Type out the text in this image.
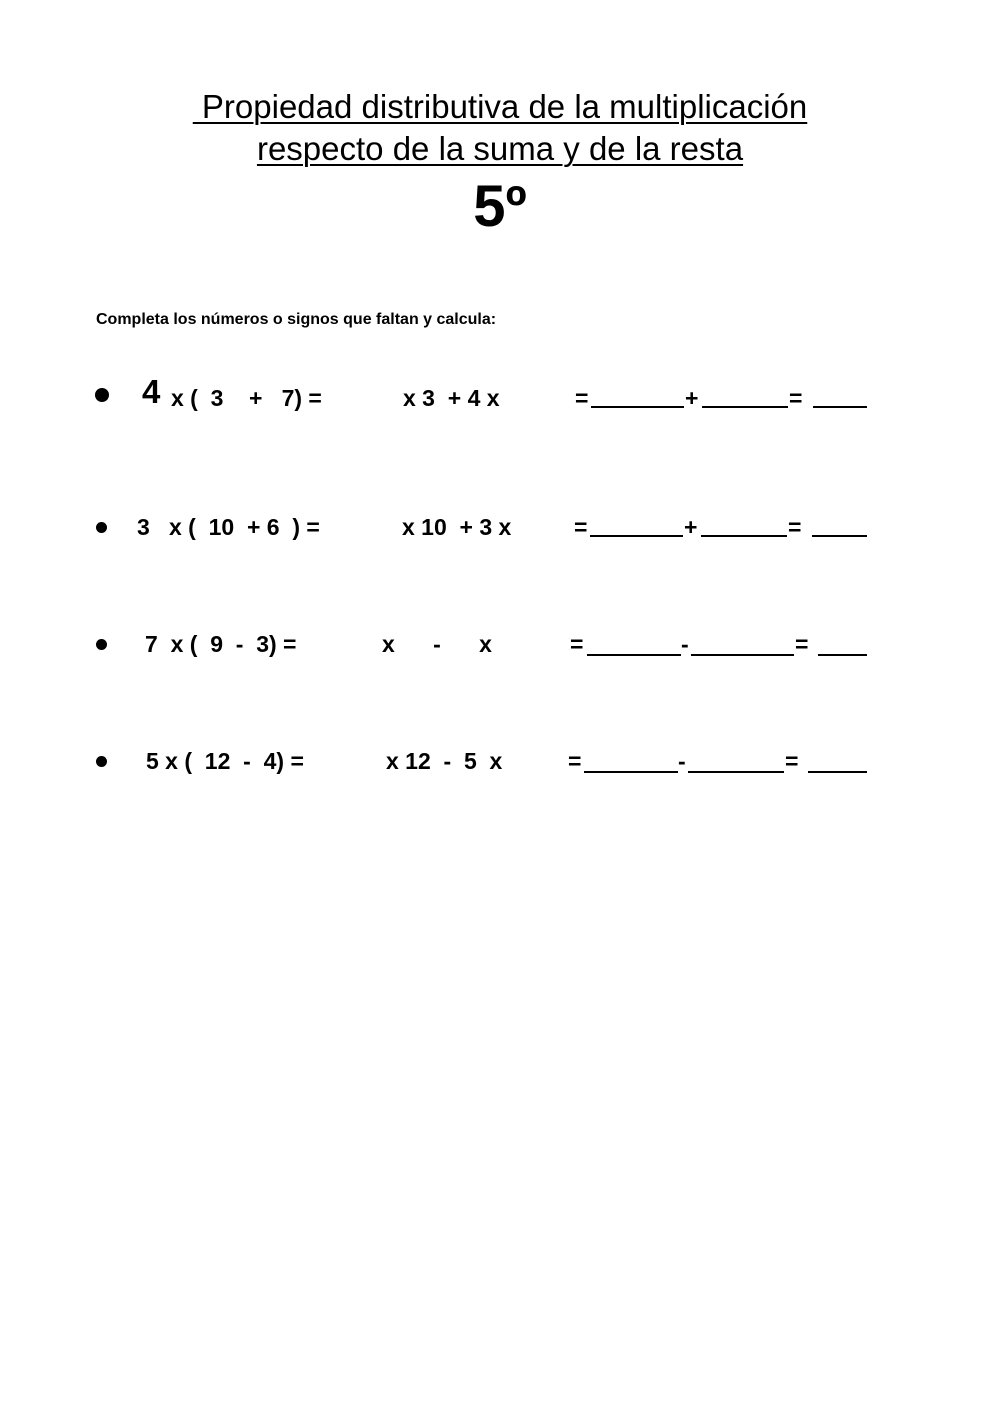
Propiedad distributiva de la multiplicación
respecto de la suma y de la resta
5º
Completa los números o signos que faltan y calcula:
4 x (  3    +   7) =	x 3  + 4 x	=	+	=
3   x (  10  + 6  ) =	x 10  + 3 x	=	+	=
7  x (  9  -  3) =	x      -      x	=	-	=
5 x (  12  -  4) =	x 12  -  5  x	=	-	=
